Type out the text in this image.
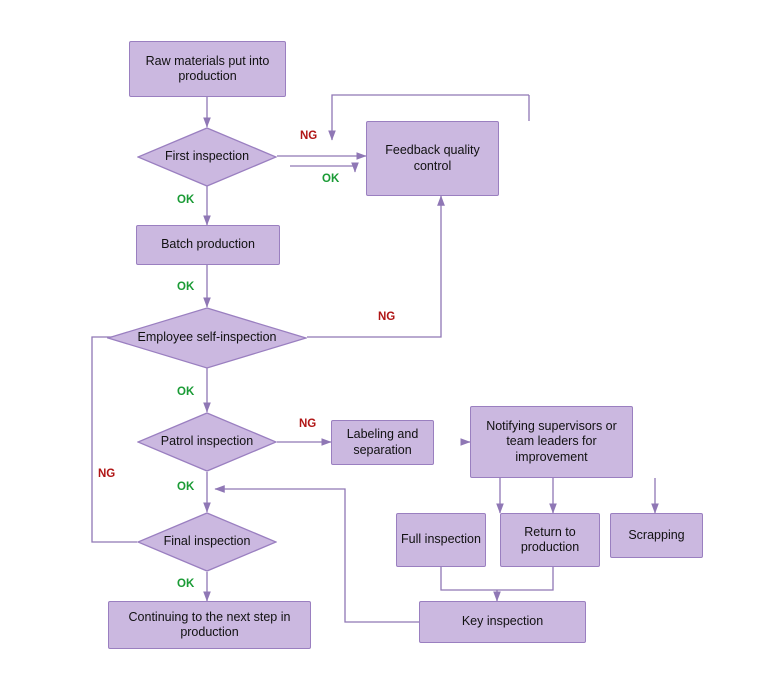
Raw materials put into production
Feedback quality control
Batch production
Labeling and separation
Notifying supervisors or team leaders for improvement
Full inspection
Return to production
Scrapping
Continuing to the next step in production
Key inspection
First inspection
Employee self-inspection
Patrol inspection
Final inspection
NG
OK
OK
OK
NG
OK
NG
OK
NG
OK
